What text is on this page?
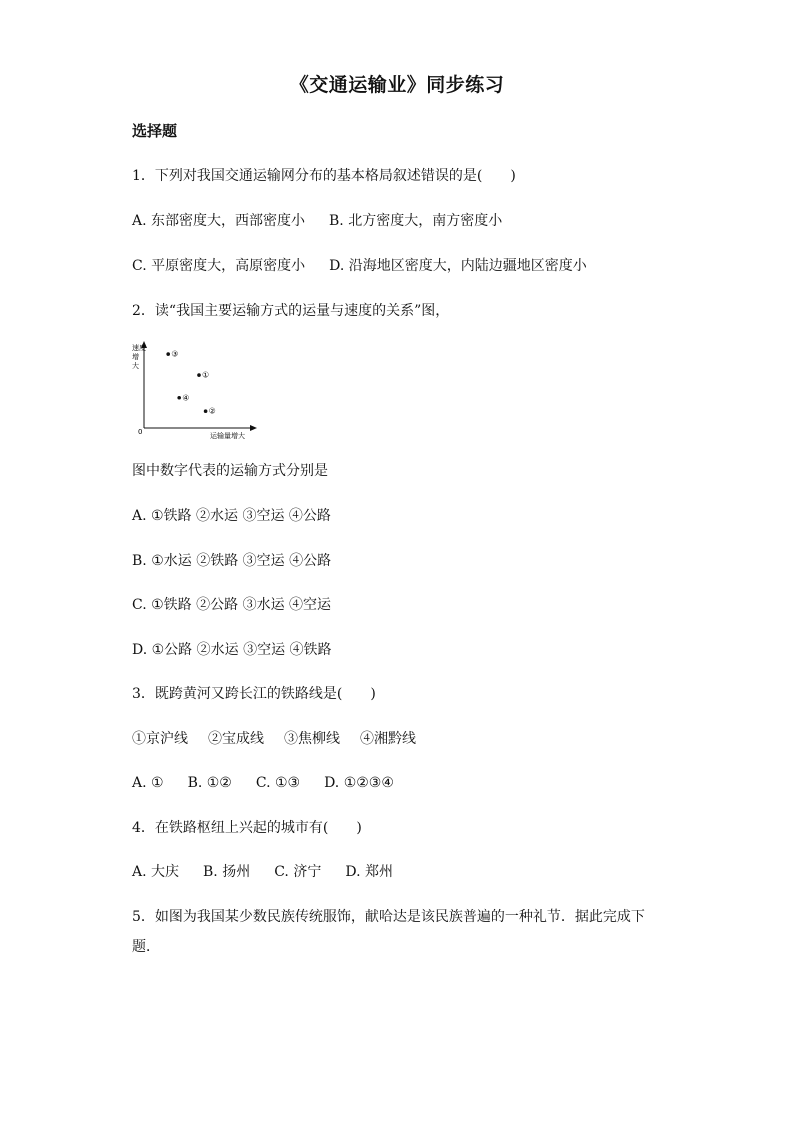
《交通运输业》同步练习
选择题
1．下列对我国交通运输网分布的基本格局叙述错误的是(　　)
A. 东部密度大，西部密度小 B. 北方密度大，南方密度小
C. 平原密度大，高原密度小 D. 沿海地区密度大，内陆边疆地区密度小
2．读“我国主要运输方式的运量与速度的关系”图，
速度
增
大
0	运输量增大
③
①
④
②
图中数字代表的运输方式分别是
A. ①铁路 ②水运 ③空运 ④公路
B. ①水运 ②铁路 ③空运 ④公路
C. ①铁路 ②公路 ③水运 ④空运
D. ①公路 ②水运 ③空运 ④铁路
3．既跨黄河又跨长江的铁路线是(　　)
①京沪线 ②宝成线 ③焦柳线 ④湘黔线
A. ① B. ①② C. ①③ D. ①②③④
4．在铁路枢纽上兴起的城市有(　　)
A. 大庆 B. 扬州 C. 济宁 D. 郑州
5．如图为我国某少数民族传统服饰，献哈达是该民族普遍的一种礼节．据此完成下
题．
